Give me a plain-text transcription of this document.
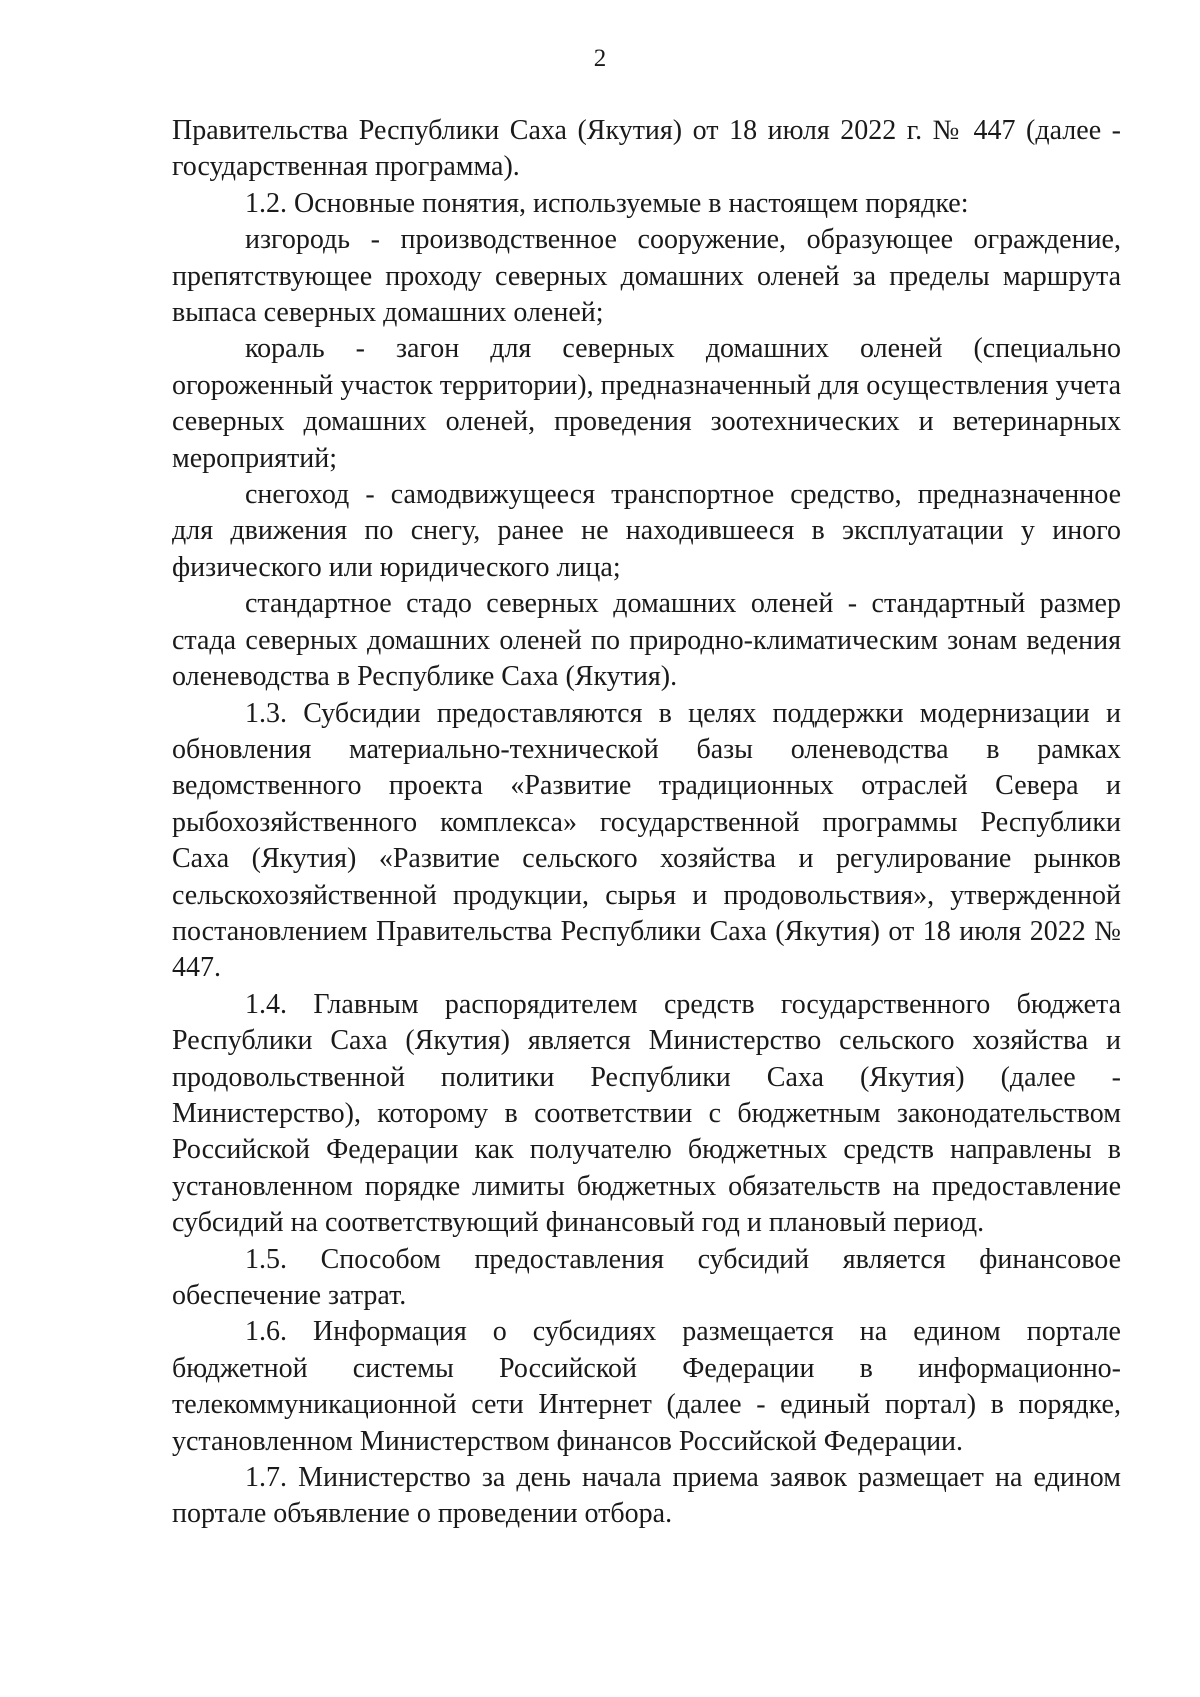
2

Правительства Республики Саха (Якутия) от 18 июля 2022 г. № 447 (далее - государственная программа).

1.2. Основные понятия, используемые в настоящем порядке:

изгородь - производственное сооружение, образующее ограждение, препятствующее проходу северных домашних оленей за пределы маршрута выпаса северных домашних оленей;

кораль - загон для северных домашних оленей (специально огороженный участок территории), предназначенный для осуществления учета северных домашних оленей, проведения зоотехнических и ветеринарных мероприятий;

снегоход - самодвижущееся транспортное средство, предназначенное для движения по снегу, ранее не находившееся в эксплуатации у иного физического или юридического лица;

стандартное стадо северных домашних оленей - стандартный размер стада северных домашних оленей по природно-климатическим зонам ведения оленеводства в Республике Саха (Якутия).

1.3. Субсидии предоставляются в целях поддержки модернизации и обновления материально-технической базы оленеводства в рамках ведомственного проекта «Развитие традиционных отраслей Севера и рыбохозяйственного комплекса» государственной программы Республики Саха (Якутия) «Развитие сельского хозяйства и регулирование рынков сельскохозяйственной продукции, сырья и продовольствия», утвержденной постановлением Правительства Республики Саха (Якутия) от 18 июля 2022 № 447.

1.4. Главным распорядителем средств государственного бюджета Республики Саха (Якутия) является Министерство сельского хозяйства и продовольственной политики Республики Саха (Якутия) (далее - Министерство), которому в соответствии с бюджетным законодательством Российской Федерации как получателю бюджетных средств направлены в установленном порядке лимиты бюджетных обязательств на предоставление субсидий на соответствующий финансовый год и плановый период.

1.5. Способом предоставления субсидий является финансовое обеспечение затрат.

1.6. Информация о субсидиях размещается на едином портале бюджетной системы Российской Федерации в информационно-телекоммуникационной сети Интернет (далее - единый портал) в порядке, установленном Министерством финансов Российской Федерации.

1.7. Министерство за день начала приема заявок размещает на едином портале объявление о проведении отбора.
